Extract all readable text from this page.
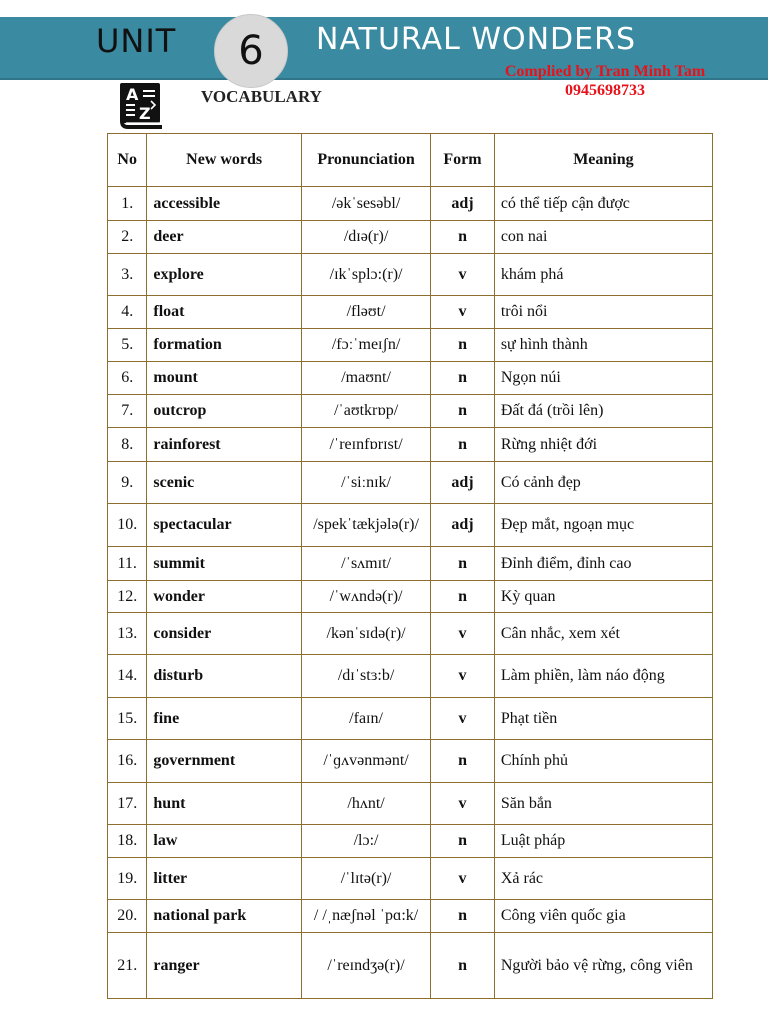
UNIT	6	NATURAL WONDERS
Complied by Tran Minh Tam
0945698733
A
Z
VOCABULARY
No	New words	Pronunciation	Form	Meaning
1.	accessible	/əkˈsesəbl/	adj	có thể tiếp cận được
2.	deer	/dɪə(r)/	n	con nai
3.	explore	/ɪkˈsplɔ:(r)/	v	khám phá
4.	float	/fləʊt/	v	trôi nổi
5.	formation	/fɔːˈmeɪʃn/	n	sự hình thành
6.	mount	/maʊnt/	n	Ngọn núi
7.	outcrop	/ˈaʊtkrɒp/	n	Đất đá (trồi lên)
8.	rainforest	/ˈreɪnfɒrɪst/	n	Rừng nhiệt đới
9.	scenic	/ˈsiːnɪk/	adj	Có cảnh đẹp
10.	spectacular	/spekˈtækjələ(r)/	adj	Đẹp mắt, ngoạn mục
11.	summit	/ˈsʌmɪt/	n	Đỉnh điểm, đỉnh cao
12.	wonder	/ˈwʌndə(r)/	n	Kỳ quan
13.	consider	/kənˈsɪdə(r)/	v	Cân nhắc, xem xét
14.	disturb	/dɪˈstɜ:b/	v	Làm phiền, làm náo động
15.	fine	/faɪn/	v	Phạt tiền
16.	government	/ˈɡʌvənmənt/	n	Chính phủ
17.	hunt	/hʌnt/	v	Săn bắn
18.	law	/lɔ:/	n	Luật pháp
19.	litter	/ˈlɪtə(r)/	v	Xả rác
20.	national park	/ /ˌnæʃnəl ˈpɑ:k/	n	Công viên quốc gia
21.	ranger	/ˈreɪndʒə(r)/	n	Người bảo vệ rừng, công viên
